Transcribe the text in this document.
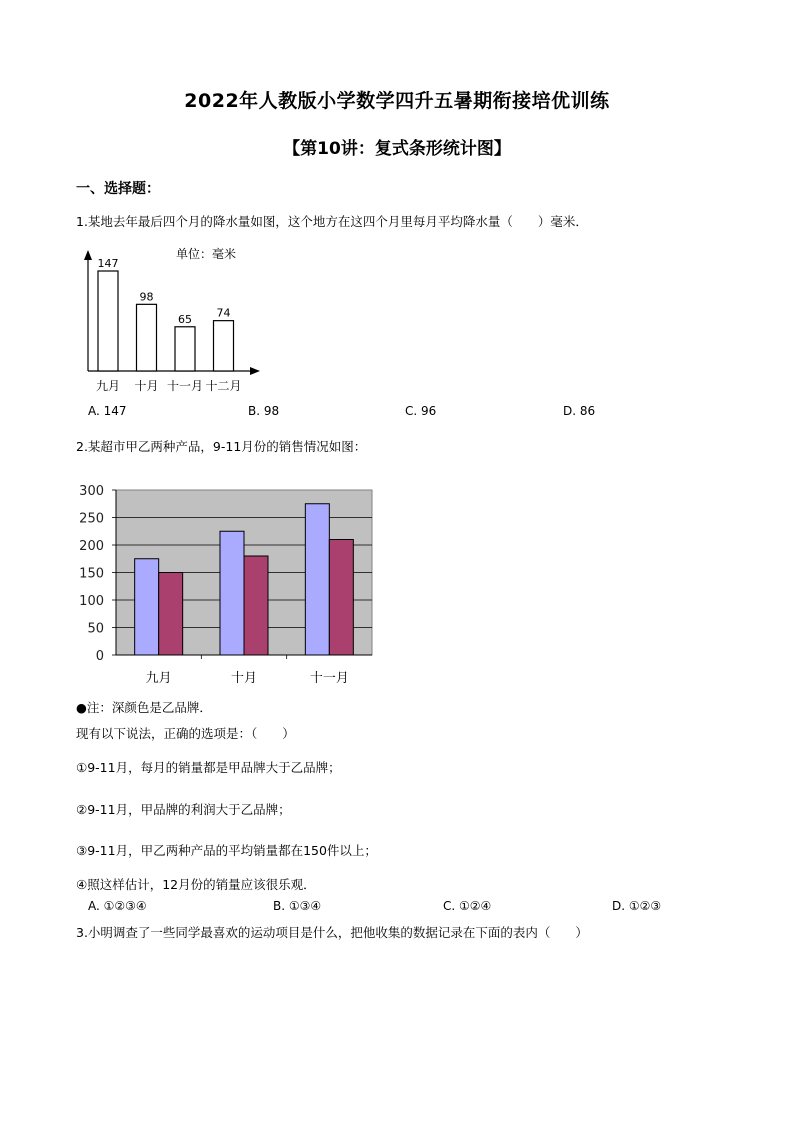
2022年人教版小学数学四升五暑期衔接培优训练
【第10讲：复式条形统计图】
一、选择题：
1.某地去年最后四个月的降水量如图，这个地方在这四个月里每月平均降水量（　　）毫米．
147
九月
98
十月
65
十一月
74
十二月
单位：毫米
A. 147	B. 98	C. 96	D. 86
2.某超市甲乙两种产品，9-11月份的销售情况如图：
0
50
100
150
200
250
300
九月	十月	十一月
●注：深颜色是乙品牌．
现有以下说法，正确的选项是：（　　）
①9-11月，每月的销量都是甲品牌大于乙品牌；
②9-11月，甲品牌的利润大于乙品牌；
③9-11月，甲乙两种产品的平均销量都在150件以上；
④照这样估计，12月份的销量应该很乐观．
A. ①②③④	B. ①③④	C. ①②④	D. ①②③
3.小明调查了一些同学最喜欢的运动项目是什么，把他收集的数据记录在下面的表内（　　）
